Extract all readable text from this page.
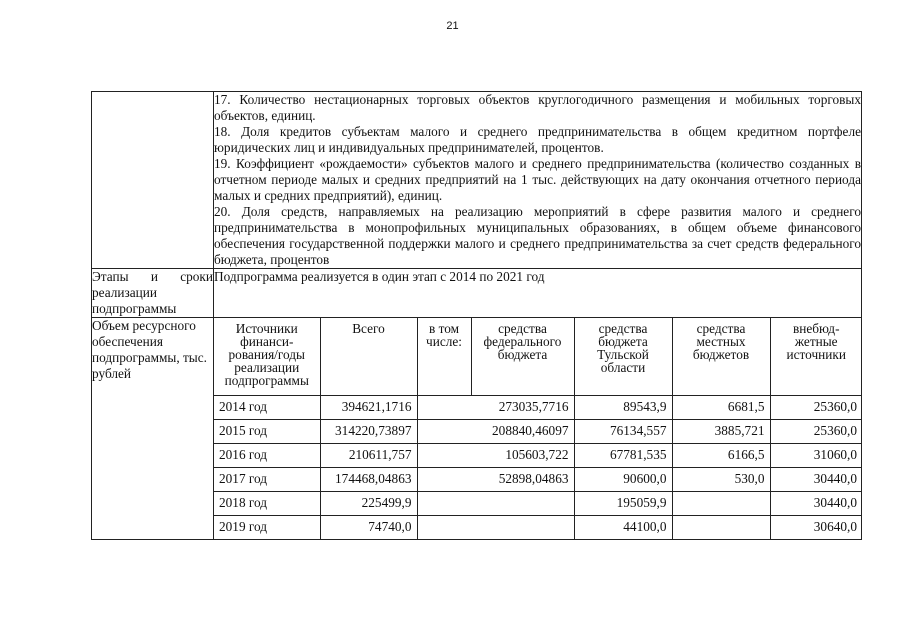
21

17. Количество нестационарных торговых объектов круглогодичного размещения и мобильных торговых объектов, единиц.
18. Доля кредитов субъектам малого и среднего предпринимательства в общем кредитном портфеле юридических лиц и индивидуальных предпринимателей, процентов.
19. Коэффициент «рождаемости» субъектов малого и среднего предпринимательства (количество созданных в отчетном периоде малых и средних предприятий на 1 тыс. действующих на дату окончания отчетного периода малых и средних предприятий), единиц.
20. Доля средств, направляемых на реализацию мероприятий в сфере развития малого и среднего предпринимательства в монопрофильных муниципальных образованиях, в общем объеме финансового обеспечения государственной поддержки малого и среднего предпринимательства за счет средств федерального бюджета, процентов

Этапы и сроки реализации подпрограммы	Подпрограмма реализуется в один этап с 2014 по 2021 год
Объем ресурсного обеспечения подпрограммы, тыс. рублей	
Источники финанси-рования/годы реализации подпрограммы	Всего	в том числе:	средства федерального бюджета	средства бюджета Тульской области	средства местных бюджетов	внебюд-жетные источники
2014 год	394621,1716	273035,7716	89543,9	6681,5	25360,0
2015 год	314220,73897	208840,46097	76134,557	3885,721	25360,0
2016 год	210611,757	105603,722	67781,535	6166,5	31060,0
2017 год	174468,04863	52898,04863	90600,0	530,0	30440,0
2018 год	225499,9		195059,9		30440,0
2019 год	74740,0		44100,0		30640,0
